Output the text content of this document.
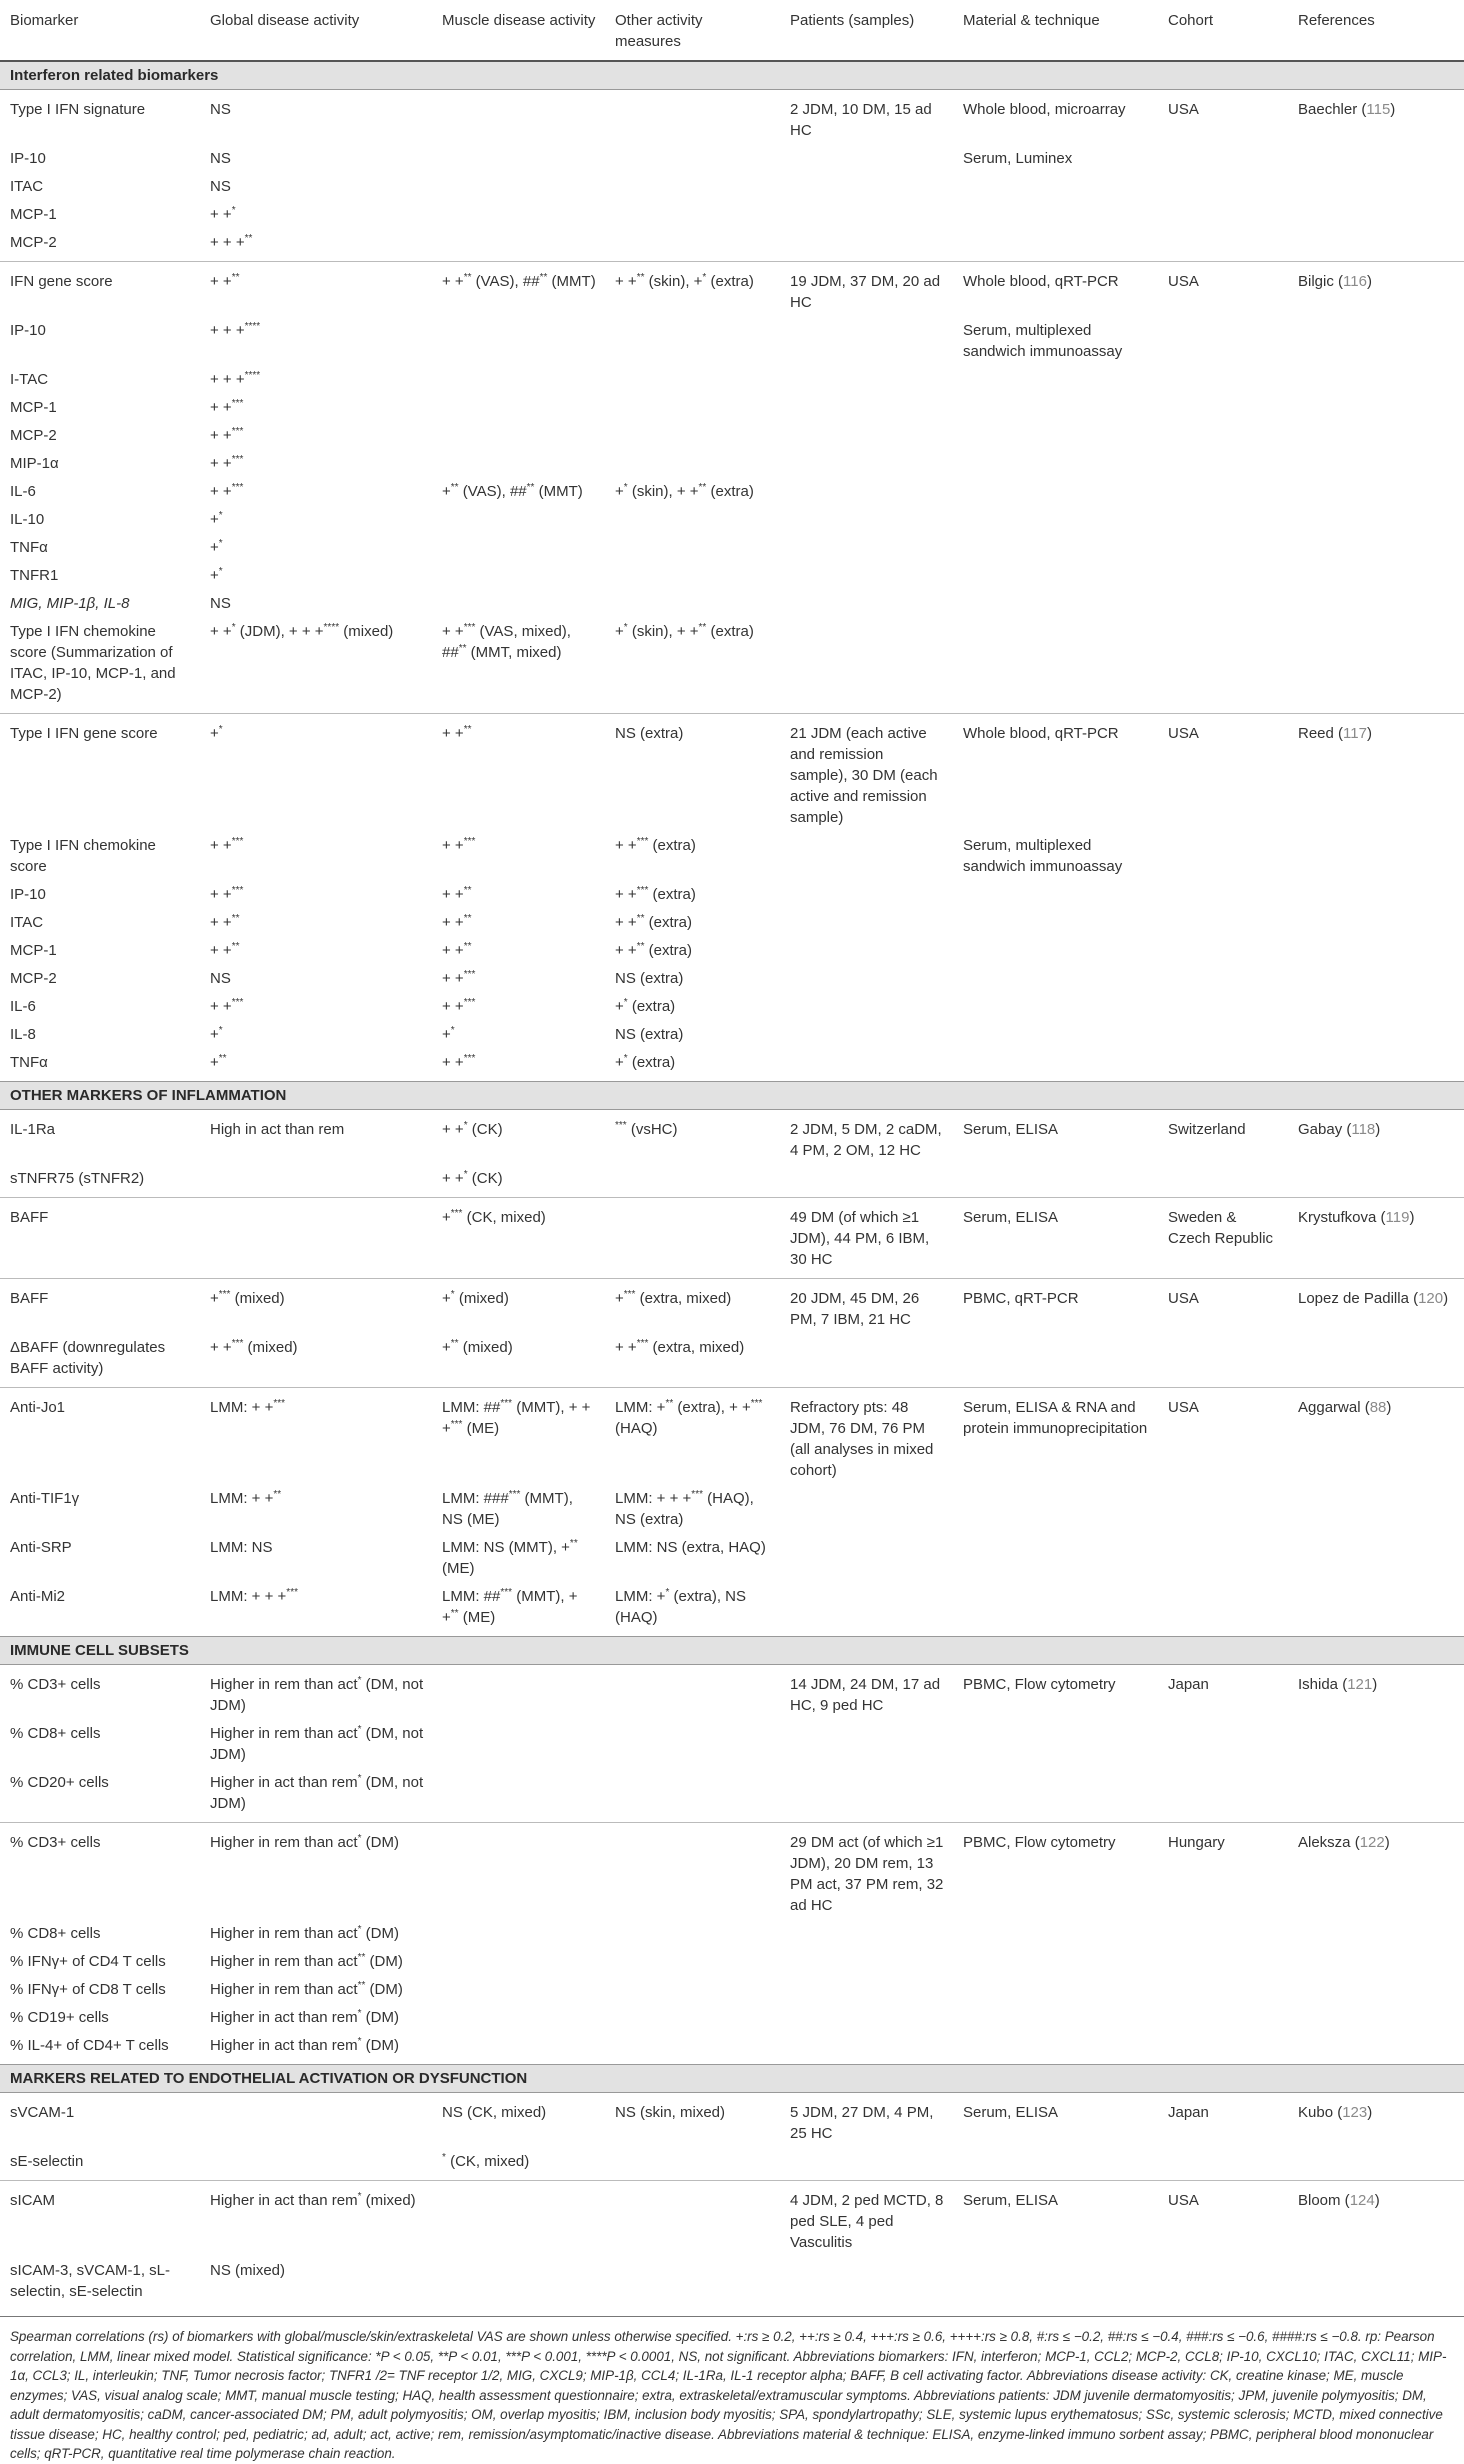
Biomarker	Global disease activity	Muscle disease activity	Other activity measures	Patients (samples)	Material & technique	Cohort	References
Interferon related biomarkers							
Type I IFN signature	NS			2 JDM, 10 DM, 15 ad HC	Whole blood, microarray	USA	Baechler (115)
IP-10	NS				Serum, Luminex		
ITAC	NS						
MCP-1	+ +*						
MCP-2	+ + +**						
IFN gene score	+ +**	+ +** (VAS), ##** (MMT)	+ +** (skin), +* (extra)	19 JDM, 37 DM, 20 ad HC	Whole blood, qRT-PCR	USA	Bilgic (116)
IP-10	+ + +****				Serum, multiplexed sandwich immunoassay		
I-TAC	+ + +****						
MCP-1	+ +***						
MCP-2	+ +***						
MIP-1α	+ +***						
IL-6	+ +***	+** (VAS), ##** (MMT)	+* (skin), + +** (extra)				
IL-10	+*						
TNFα	+*						
TNFR1	+*						
MIG, MIP-1β, IL-8	NS						
Type I IFN chemokine score (Summarization of ITAC, IP-10, MCP-1, and MCP-2)	+ +* (JDM), + + +**** (mixed)	+ +*** (VAS, mixed), ##** (MMT, mixed)	+* (skin), + +** (extra)				
Type I IFN gene score	+*	+ +**	NS (extra)	21 JDM (each active and remission sample), 30 DM (each active and remission sample)	Whole blood, qRT-PCR	USA	Reed (117)
Type I IFN chemokine score	+ +***	+ +***	+ +*** (extra)		Serum, multiplexed sandwich immunoassay		
IP-10	+ +***	+ +**	+ +*** (extra)				
ITAC	+ +**	+ +**	+ +** (extra)				
MCP-1	+ +**	+ +**	+ +** (extra)				
MCP-2	NS	+ +***	NS (extra)				
IL-6	+ +***	+ +***	+* (extra)				
IL-8	+*	+*	NS (extra)				
TNFα	+**	+ +***	+* (extra)				
OTHER MARKERS OF INFLAMMATION							
IL-1Ra	High in act than rem	+ +* (CK)	*** (vsHC)	2 JDM, 5 DM, 2 caDM, 4 PM, 2 OM, 12 HC	Serum, ELISA	Switzerland	Gabay (118)
sTNFR75 (sTNFR2)		+ +* (CK)					
BAFF		+*** (CK, mixed)		49 DM (of which ≥1 JDM), 44 PM, 6 IBM, 30 HC	Serum, ELISA	Sweden & Czech Republic	Krystufkova (119)
BAFF	+*** (mixed)	+* (mixed)	+*** (extra, mixed)	20 JDM, 45 DM, 26 PM, 7 IBM, 21 HC	PBMC, qRT-PCR	USA	Lopez de Padilla (120)
ΔBAFF (downregulates BAFF activity)	+ +*** (mixed)	+** (mixed)	+ +*** (extra, mixed)				
Anti-Jo1	LMM: + +***	LMM: ##*** (MMT), + + +*** (ME)	LMM: +** (extra), + +*** (HAQ)	Refractory pts: 48 JDM, 76 DM, 76 PM (all analyses in mixed cohort)	Serum, ELISA & RNA and protein immunoprecipitation	USA	Aggarwal (88)
Anti-TIF1γ	LMM: + +**	LMM: ###*** (MMT), NS (ME)	LMM: + + +*** (HAQ), NS (extra)				
Anti-SRP	LMM: NS	LMM: NS (MMT), +** (ME)	LMM: NS (extra, HAQ)				
Anti-Mi2	LMM: + + +***	LMM: ##*** (MMT), + +** (ME)	LMM: +* (extra), NS (HAQ)				
IMMUNE CELL SUBSETS							
% CD3+ cells	Higher in rem than act* (DM, not JDM)			14 JDM, 24 DM, 17 ad HC, 9 ped HC	PBMC, Flow cytometry	Japan	Ishida (121)
% CD8+ cells	Higher in rem than act* (DM, not JDM)						
% CD20+ cells	Higher in act than rem* (DM, not JDM)						
% CD3+ cells	Higher in rem than act* (DM)			29 DM act (of which ≥1 JDM), 20 DM rem, 13 PM act, 37 PM rem, 32 ad HC	PBMC, Flow cytometry	Hungary	Aleksza (122)
% CD8+ cells	Higher in rem than act* (DM)						
% IFNγ+ of CD4 T cells	Higher in rem than act** (DM)						
% IFNγ+ of CD8 T cells	Higher in rem than act** (DM)						
% CD19+ cells	Higher in act than rem* (DM)						
% IL-4+ of CD4+ T cells	Higher in act than rem* (DM)						
MARKERS RELATED TO ENDOTHELIAL ACTIVATION OR DYSFUNCTION							
sVCAM-1		NS (CK, mixed)	NS (skin, mixed)	5 JDM, 27 DM, 4 PM, 25 HC	Serum, ELISA	Japan	Kubo (123)
sE-selectin		* (CK, mixed)					
sICAM	Higher in act than rem* (mixed)			4 JDM, 2 ped MCTD, 8 ped SLE, 4 ped Vasculitis	Serum, ELISA	USA	Bloom (124)
sICAM-3, sVCAM-1, sL-selectin, sE-selectin	NS (mixed)						
Spearman correlations (rs) of biomarkers with global/muscle/skin/extraskeletal VAS are shown unless otherwise specified. +:rs ≥ 0.2, ++:rs ≥ 0.4, +++:rs ≥ 0.6, ++++:rs ≥ 0.8, #:rs ≤ −0.2, ##:rs ≤ −0.4, ###:rs ≤ −0.6, ####:rs ≤ −0.8. rp: Pearson correlation, LMM, linear mixed model. Statistical significance: *P < 0.05, **P < 0.01, ***P < 0.001, ****P < 0.0001, NS, not significant. Abbreviations biomarkers: IFN, interferon; MCP-1, CCL2; MCP-2, CCL8; IP-10, CXCL10; ITAC, CXCL11; MIP-1α, CCL3; IL, interleukin; TNF, Tumor necrosis factor; TNFR1 /2= TNF receptor 1/2, MIG, CXCL9; MIP-1β, CCL4; IL-1Ra, IL-1 receptor alpha; BAFF, B cell activating factor. Abbreviations disease activity: CK, creatine kinase; ME, muscle enzymes; VAS, visual analog scale; MMT, manual muscle testing; HAQ, health assessment questionnaire; extra, extraskeletal/extramuscular symptoms. Abbreviations patients: JDM juvenile dermatomyositis; JPM, juvenile polymyositis; DM, adult dermatomyositis; caDM, cancer-associated DM; PM, adult polymyositis; OM, overlap myositis; IBM, inclusion body myositis; SPA, spondylartropathy; SLE, systemic lupus erythematosus; SSc, systemic sclerosis; MCTD, mixed connective tissue disease; HC, healthy control; ped, pediatric; ad, adult; act, active; rem, remission/asymptomatic/inactive disease. Abbreviations material & technique: ELISA, enzyme-linked immuno sorbent assay; PBMC, peripheral blood mononuclear cells; qRT-PCR, quantitative real time polymerase chain reaction.
